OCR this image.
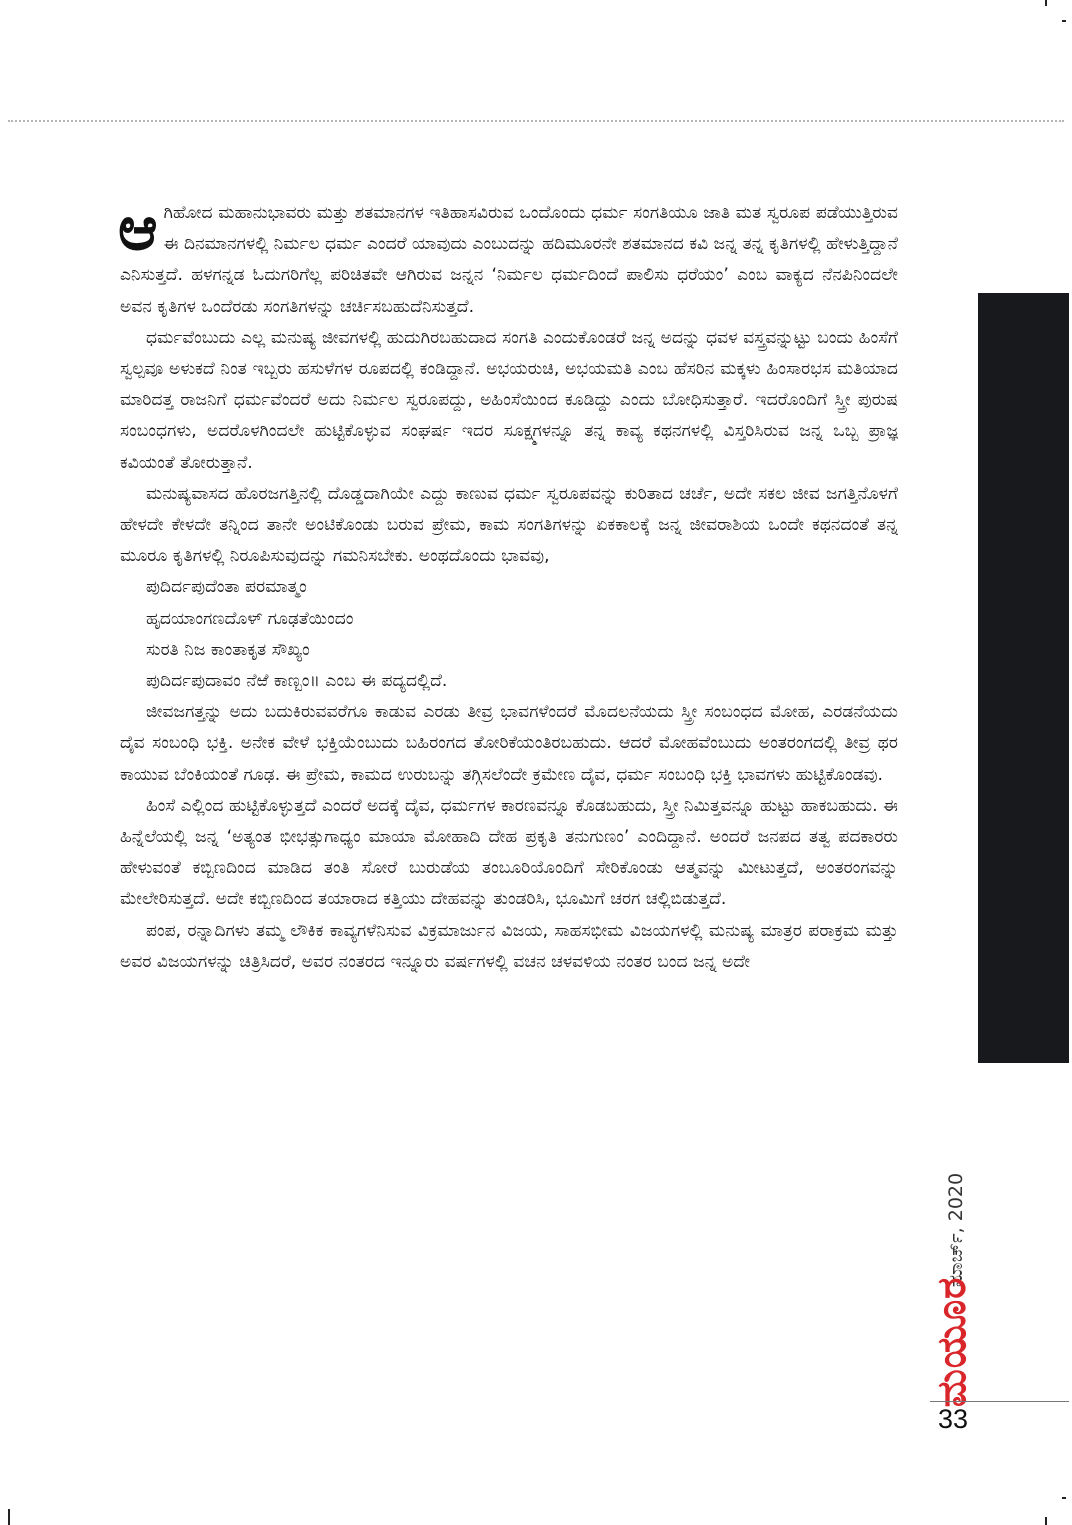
ಆಗಿಹೋದ ಮಹಾನುಭಾವರು ಮತ್ತು ಶತಮಾನಗಳ ಇತಿಹಾಸವಿರುವ ಒಂದೊಂದು ಧರ್ಮ ಸಂಗತಿಯೂ ಜಾತಿ ಮತ ಸ್ವರೂಪ ಪಡೆಯುತ್ತಿರುವ ಈ ದಿನಮಾನಗಳಲ್ಲಿ ನಿರ್ಮಲ ಧರ್ಮ ಎಂದರೆ ಯಾವುದು ಎಂಬುದನ್ನು ಹದಿಮೂರನೇ ಶತಮಾನದ ಕವಿ ಜನ್ನ ತನ್ನ ಕೃತಿಗಳಲ್ಲಿ ಹೇಳುತ್ತಿದ್ದಾನೆ ಎನಿಸುತ್ತದೆ. ಹಳಗನ್ನಡ ಓದುಗರಿಗೆಲ್ಲ ಪರಿಚಿತವೇ ಆಗಿರುವ ಜನ್ನನ ‘ನಿರ್ಮಲ ಧರ್ಮದಿಂದೆ ಪಾಲಿಸು ಧರೆಯಂ’ ಎಂಬ ವಾಕ್ಯದ ನೆನಪಿನಿಂದಲೇ ಅವನ ಕೃತಿಗಳ ಒಂದೆರಡು ಸಂಗತಿಗಳನ್ನು ಚರ್ಚಿಸಬಹುದೆನಿಸುತ್ತದೆ.

ಧರ್ಮವೆಂಬುದು ಎಲ್ಲ ಮನುಷ್ಯ ಜೀವಗಳಲ್ಲಿ ಹುದುಗಿರಬಹುದಾದ ಸಂಗತಿ ಎಂದುಕೊಂಡರೆ ಜನ್ನ ಅದನ್ನು ಧವಳ ವಸ್ತ್ರವನ್ನುಟ್ಟು ಬಂದು ಹಿಂಸೆಗೆ ಸ್ವಲ್ಪವೂ ಅಳುಕದೆ ನಿಂತ ಇಬ್ಬರು ಹಸುಳೆಗಳ ರೂಪದಲ್ಲಿ ಕಂಡಿದ್ದಾನೆ. ಅಭಯರುಚಿ, ಅಭಯಮತಿ ಎಂಬ ಹೆಸರಿನ ಮಕ್ಕಳು ಹಿಂಸಾರಭಸ ಮತಿಯಾದ ಮಾರಿದತ್ತ ರಾಜನಿಗೆ ಧರ್ಮವೆಂದರೆ ಅದು ನಿರ್ಮಲ ಸ್ವರೂಪದ್ದು, ಅಹಿಂಸೆಯಿಂದ ಕೂಡಿದ್ದು ಎಂದು ಬೋಧಿಸುತ್ತಾರೆ. ಇದರೊಂದಿಗೆ ಸ್ತ್ರೀ ಪುರುಷ ಸಂಬಂಧಗಳು, ಅದರೊಳಗಿಂದಲೇ ಹುಟ್ಟಿಕೊಳ್ಳುವ ಸಂಘರ್ಷ ಇದರ ಸೂಕ್ಷ್ಮಗಳನ್ನೂ ತನ್ನ ಕಾವ್ಯ ಕಥನಗಳಲ್ಲಿ ವಿಸ್ತರಿಸಿರುವ ಜನ್ನ ಒಬ್ಬ ಪ್ರಾಜ್ಞ ಕವಿಯಂತೆ ತೋರುತ್ತಾನೆ.

ಮನುಷ್ಯವಾಸದ ಹೊರಜಗತ್ತಿನಲ್ಲಿ ದೊಡ್ಡದಾಗಿಯೇ ಎದ್ದು ಕಾಣುವ ಧರ್ಮ ಸ್ವರೂಪವನ್ನು ಕುರಿತಾದ ಚರ್ಚೆ, ಅದೇ ಸಕಲ ಜೀವ ಜಗತ್ತಿನೊಳಗೆ ಹೇಳದೇ ಕೇಳದೇ ತನ್ನಿಂದ ತಾನೇ ಅಂಟಿಕೊಂಡು ಬರುವ ಪ್ರೇಮ, ಕಾಮ ಸಂಗತಿಗಳನ್ನು ಏಕಕಾಲಕ್ಕೆ ಜನ್ನ ಜೀವರಾಶಿಯ ಒಂದೇ ಕಥನದಂತೆ ತನ್ನ ಮೂರೂ ಕೃತಿಗಳಲ್ಲಿ ನಿರೂಪಿಸುವುದನ್ನು ಗಮನಿಸಬೇಕು. ಅಂಥದೊಂದು ಭಾವವು,

ಪುದಿರ್ದಪುದೆಂತಾ ಪರಮಾತ್ಮಂ

ಹೃದಯಾಂಗಣದೊಳ್ ಗೂಢತೆಯಿಂದಂ

ಸುರತಿ ನಿಜ ಕಾಂತಾಕೃತ ಸೌಖ್ಯಂ

ಪುದಿರ್ದಪುದಾವಂ ನೆಱೆ ಕಾಣ್ಬಂ॥ ಎಂಬ ಈ ಪದ್ಯದಲ್ಲಿದೆ.

ಜೀವಜಗತ್ತನ್ನು ಅದು ಬದುಕಿರುವವರೆಗೂ ಕಾಡುವ ಎರಡು ತೀವ್ರ ಭಾವಗಳೆಂದರೆ ಮೊದಲನೆಯದು ಸ್ತ್ರೀ ಸಂಬಂಧದ ಮೋಹ, ಎರಡನೆಯದು ದೈವ ಸಂಬಂಧಿ ಭಕ್ತಿ. ಅನೇಕ ವೇಳೆ ಭಕ್ತಿಯೆಂಬುದು ಬಹಿರಂಗದ ತೋರಿಕೆಯಂತಿರಬಹುದು. ಆದರೆ ಮೋಹವೆಂಬುದು ಅಂತರಂಗದಲ್ಲಿ ತೀವ್ರ ಥರ ಕಾಯುವ ಬೆಂಕಿಯಂತೆ ಗೂಢ. ಈ ಪ್ರೇಮ, ಕಾಮದ ಉರುಬನ್ನು ತಗ್ಗಿಸಲೆಂದೇ ಕ್ರಮೇಣ ದೈವ, ಧರ್ಮ ಸಂಬಂಧಿ ಭಕ್ತಿ ಭಾವಗಳು ಹುಟ್ಟಿಕೊಂಡವು.

ಹಿಂಸೆ ಎಲ್ಲಿಂದ ಹುಟ್ಟಿಕೊಳ್ಳುತ್ತದೆ ಎಂದರೆ ಅದಕ್ಕೆ ದೈವ, ಧರ್ಮಗಳ ಕಾರಣವನ್ನೂ ಕೊಡಬಹುದು, ಸ್ತ್ರೀ ನಿಮಿತ್ತವನ್ನೂ ಹುಟ್ಟು ಹಾಕಬಹುದು. ಈ ಹಿನ್ನೆಲೆಯಲ್ಲಿ ಜನ್ನ ‘ಅತ್ಯಂತ ಭೀಭತ್ಸುಗಾಧ್ಯಂ ಮಾಯಾ ಮೋಹಾದಿ ದೇಹ ಪ್ರಕೃತಿ ತನುಗುಣಂ’ ಎಂದಿದ್ದಾನೆ. ಅಂದರೆ ಜನಪದ ತತ್ವ ಪದಕಾರರು ಹೇಳುವಂತೆ ಕಬ್ಬಿಣದಿಂದ ಮಾಡಿದ ತಂತಿ ಸೋರೆ ಬುರುಡೆಯ ತಂಬೂರಿಯೊಂದಿಗೆ ಸೇರಿಕೊಂಡು ಆತ್ಮವನ್ನು ಮೀಟುತ್ತದೆ, ಅಂತರಂಗವನ್ನು ಮೇಲೇರಿಸುತ್ತದೆ. ಅದೇ ಕಬ್ಬಿಣದಿಂದ ತಯಾರಾದ ಕತ್ತಿಯು ದೇಹವನ್ನು ತುಂಡರಿಸಿ, ಭೂಮಿಗೆ ಚರಗ ಚಲ್ಲಿಬಿಡುತ್ತದೆ.

ಪಂಪ, ರನ್ನಾದಿಗಳು ತಮ್ಮ ಲೌಕಿಕ ಕಾವ್ಯಗಳೆನಿಸುವ ವಿಕ್ರಮಾರ್ಜುನ ವಿಜಯ, ಸಾಹಸಭೀಮ ವಿಜಯಗಳಲ್ಲಿ ಮನುಷ್ಯ ಮಾತ್ರರ ಪರಾಕ್ರಮ ಮತ್ತು ಅವರ ವಿಜಯಗಳನ್ನು ಚಿತ್ರಿಸಿದರೆ, ಅವರ ನಂತರದ ಇನ್ನೂರು ವರ್ಷಗಳಲ್ಲಿ ವಚನ ಚಳವಳಿಯ ನಂತರ ಬಂದ ಜನ್ನ ಅದೇ

ಮಾರ್ಚ್, 2020
ಮಯೂರ
33
